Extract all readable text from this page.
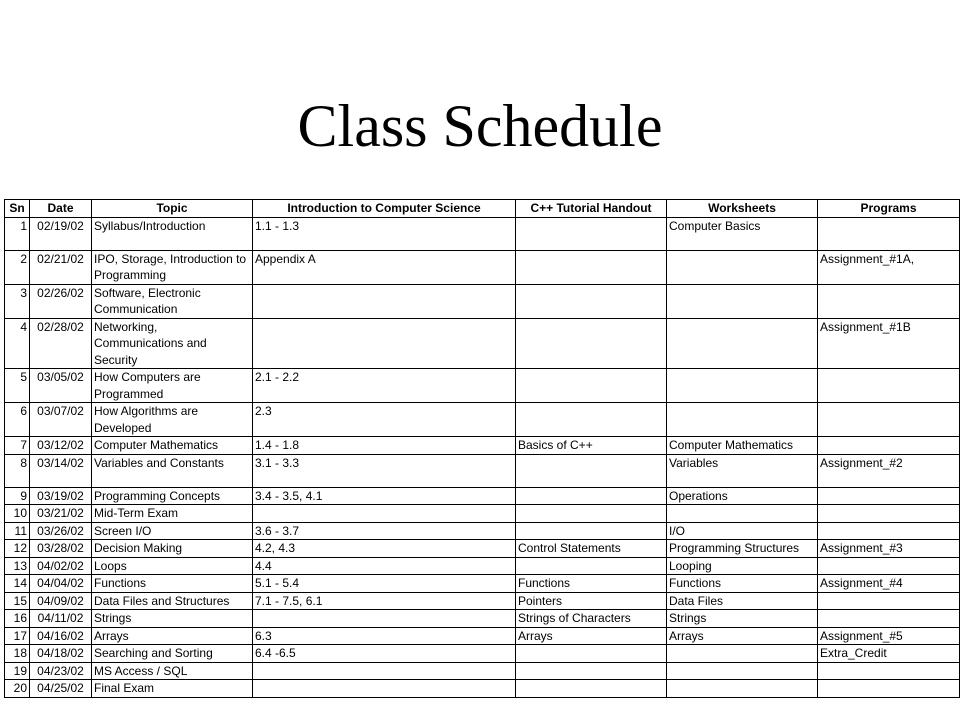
Class Schedule
Sn	Date	Topic	Introduction to Computer Science	C++ Tutorial Handout	Worksheets	Programs
1	02/19/02	Syllabus/Introduction	1.1 - 1.3		Computer Basics	
2	02/21/02	IPO, Storage, Introduction to Programming	Appendix A			Assignment_#1A,
3	02/26/02	Software, Electronic Communication				
4	02/28/02	Networking, Communications and Security				Assignment_#1B
5	03/05/02	How Computers are Programmed	2.1 - 2.2			
6	03/07/02	How Algorithms are Developed	2.3			
7	03/12/02	Computer Mathematics	1.4 - 1.8	Basics of C++	Computer Mathematics	
8	03/14/02	Variables and Constants	3.1 - 3.3		Variables	Assignment_#2
9	03/19/02	Programming Concepts	3.4 - 3.5, 4.1		Operations	
10	03/21/02	Mid-Term Exam				
11	03/26/02	Screen I/O	3.6 - 3.7		I/O	
12	03/28/02	Decision Making	4.2, 4.3	Control Statements	Programming Structures	Assignment_#3
13	04/02/02	Loops	4.4		Looping	
14	04/04/02	Functions	5.1 - 5.4	Functions	Functions	Assignment_#4
15	04/09/02	Data Files and Structures	7.1 - 7.5, 6.1	Pointers	Data Files	
16	04/11/02	Strings		Strings of Characters	Strings	
17	04/16/02	Arrays	6.3	Arrays	Arrays	Assignment_#5
18	04/18/02	Searching and Sorting	6.4 -6.5			Extra_Credit
19	04/23/02	MS Access / SQL				
20	04/25/02	Final Exam				
